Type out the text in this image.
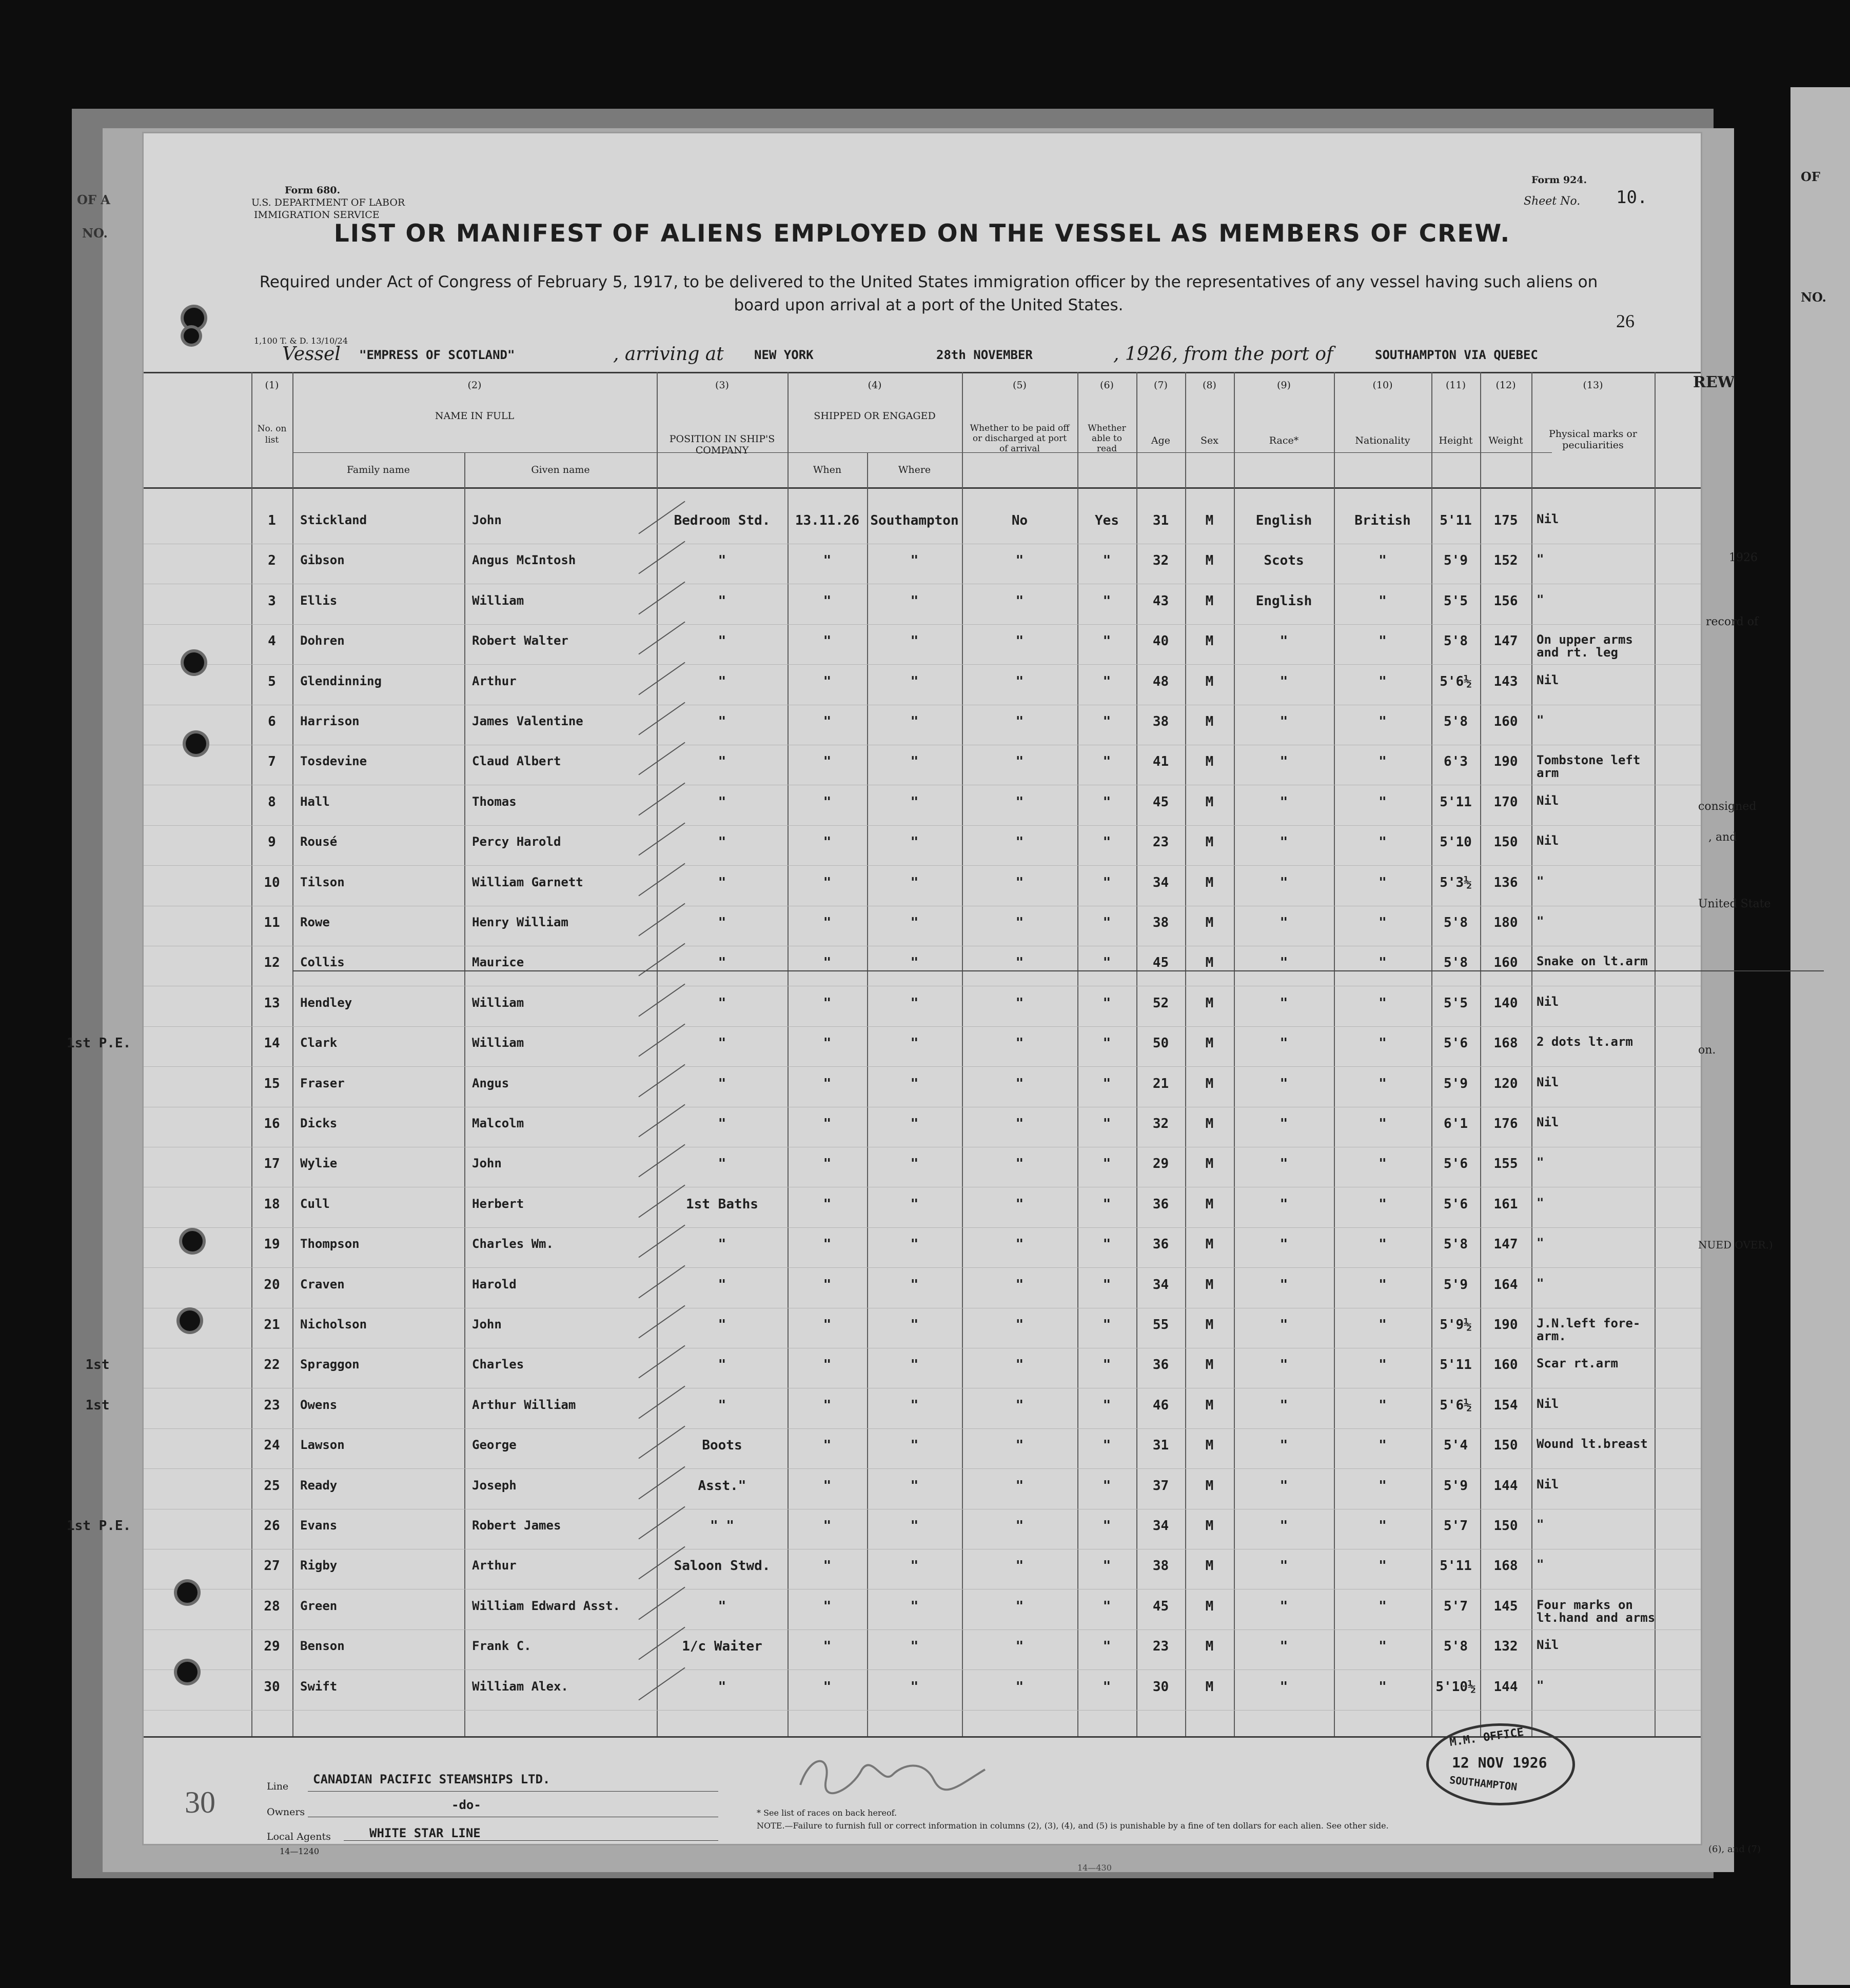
OF
NO.
OF A
NO.
Form 680.
U.S. DEPARTMENT OF LABOR
IMMIGRATION SERVICE
Form 924.
Sheet No. 10.
LIST OR MANIFEST OF ALIENS EMPLOYED ON THE VESSEL AS MEMBERS OF CREW.
Required under Act of Congress of February 5, 1917, to be delivered to the United States immigration officer by the representatives of any vessel having such aliens on board upon arrival at a port of the United States.
26
1,100 T. & D. 13/10/24
Vessel "EMPRESS OF SCOTLAND"	, arriving at NEW YORK	28th NOVEMBER	, 1926, from the port of	SOUTHAMPTON VIA QUEBEC
(1)	(2)	(3)	(4)	(5)	(6)	(7)	(8)	(9)	(10)	(11)	(12)	(13)
No. on list
NAME IN FULL
Family name	Given name
POSITION IN SHIP'S COMPANY
SHIPPED OR ENGAGED
When	Where
Whether to be paid off or discharged at port of arrival
Whether able to read
Age	Sex	Race*	Nationality	Height	Weight
Physical marks or peculiarities
1	Stickland	John	Bedroom Std.	13.11.26 Southampton	No	Yes	31	M	English	British	5'11	175	Nil
2	Gibson	Angus McIntosh	"	"	"	"	"	32	M	Scots	"	5'9	152	"
3	Ellis	William	"	"	"	"	"	43	M	English	"	5'5	156	"
4	Dohren	Robert Walter	"	"	"	"	"	40	M	"	"	5'8	147	On upper arms and rt. leg
5	Glendinning	Arthur	"	"	"	"	"	48	M	"	"	5'6½	143	Nil
6	Harrison	James Valentine	"	"	"	"	"	38	M	"	"	5'8	160	"
7	Tosdevine	Claud Albert	"	"	"	"	"	41	M	"	"	6'3	190	Tombstone left arm
8	Hall	Thomas	"	"	"	"	"	45	M	"	"	5'11	170	Nil
9	Rousé	Percy Harold	"	"	"	"	"	23	M	"	"	5'10	150	Nil
10	Tilson	William Garnett	"	"	"	"	"	34	M	"	"	5'3½	136	"
11	Rowe	Henry William	"	"	"	"	"	38	M	"	"	5'8	180	"
12	Collis	Maurice	"	"	"	"	"	45	M	"	"	5'8	160	Snake on lt.arm
13	Hendley	William	"	"	"	"	"	52	M	"	"	5'5	140	Nil
1st P.E.	14	Clark	William	"	"	"	"	"	50	M	"	"	5'6	168	2 dots lt.arm
15	Fraser	Angus	"	"	"	"	"	21	M	"	"	5'9	120	Nil
16	Dicks	Malcolm	"	"	"	"	"	32	M	"	"	6'1	176	Nil
17	Wylie	John	"	"	"	"	"	29	M	"	"	5'6	155	"
18	Cull	Herbert	1st Baths	"	"	"	"	36	M	"	"	5'6	161	"
19	Thompson	Charles Wm.	"	"	"	"	"	36	M	"	"	5'8	147	"
20	Craven	Harold	"	"	"	"	"	34	M	"	"	5'9	164	"
21	Nicholson	John	"	"	"	"	"	55	M	"	"	5'9½	190	J.N.left fore-arm.
1st	22	Spraggon	Charles	"	"	"	"	"	36	M	"	"	5'11	160	Scar rt.arm
1st	23	Owens	Arthur William	"	"	"	"	"	46	M	"	"	5'6½	154	Nil
24	Lawson	George	Boots	"	"	"	"	31	M	"	"	5'4	150	Wound lt.breast
25	Ready	Joseph	Asst."	"	"	"	"	37	M	"	"	5'9	144	Nil
1st P.E.	26	Evans	Robert James	" "	"	"	"	"	34	M	"	"	5'7	150	"
27	Rigby	Arthur	Saloon Stwd.	"	"	"	"	38	M	"	"	5'11	168	"
28	Green	William Edward Asst.	"	"	"	"	"	45	M	"	"	5'7	145	Four marks on lt.hand and arms
29	Benson	Frank C.	1/c Waiter	"	"	"	"	23	M	"	"	5'8	132	Nil
30	Swift	William Alex.	"	"	"	"	"	30	M	"	"	5'10½	144	"
Line CANADIAN PACIFIC STEAMSHIPS LTD.
Owners	-do-
Local Agents	WHITE STAR LINE
14—1240
30	* See list of races on back hereof.
NOTE.—Failure to furnish full or correct information in columns (2), (3), (4), and (5) is punishable by a fine of ten dollars for each alien. See other side.
M.M. OFFICE
12 NOV 1926
SOUTHAMPTON
REW
1926
record of
consigned
, and
United State
on.
NUED OVER.)
(6), and (7)
14—430
